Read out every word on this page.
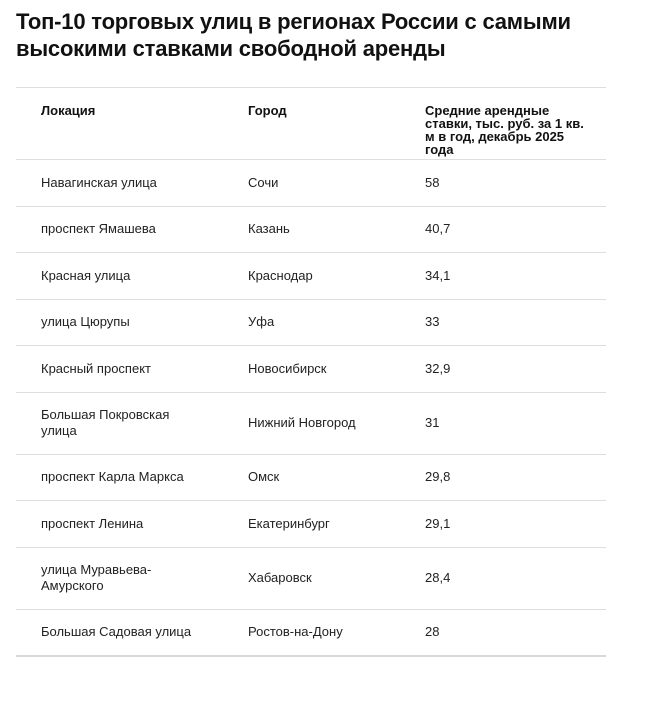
Топ-10 торговых улиц в регионах России с самыми высокими ставками свободной аренды
Локация	Город	Средние арендные ставки, тыс. руб. за 1 кв. м в год, декабрь 2025 года
Навагинская улица	Сочи	58
проспект Ямашева	Казань	40,7
Красная улица	Краснодар	34,1
улица Цюрупы	Уфа	33
Красный проспект	Новосибирск	32,9

Большая Покровская улица	Нижний Новгород	31
проспект Карла Маркса	Омск	29,8
проспект Ленина	Екатеринбург	29,1

улица Муравьева-Амурского	Хабаровск	28,4
Большая Садовая улица	Ростов-на-Дону	28
